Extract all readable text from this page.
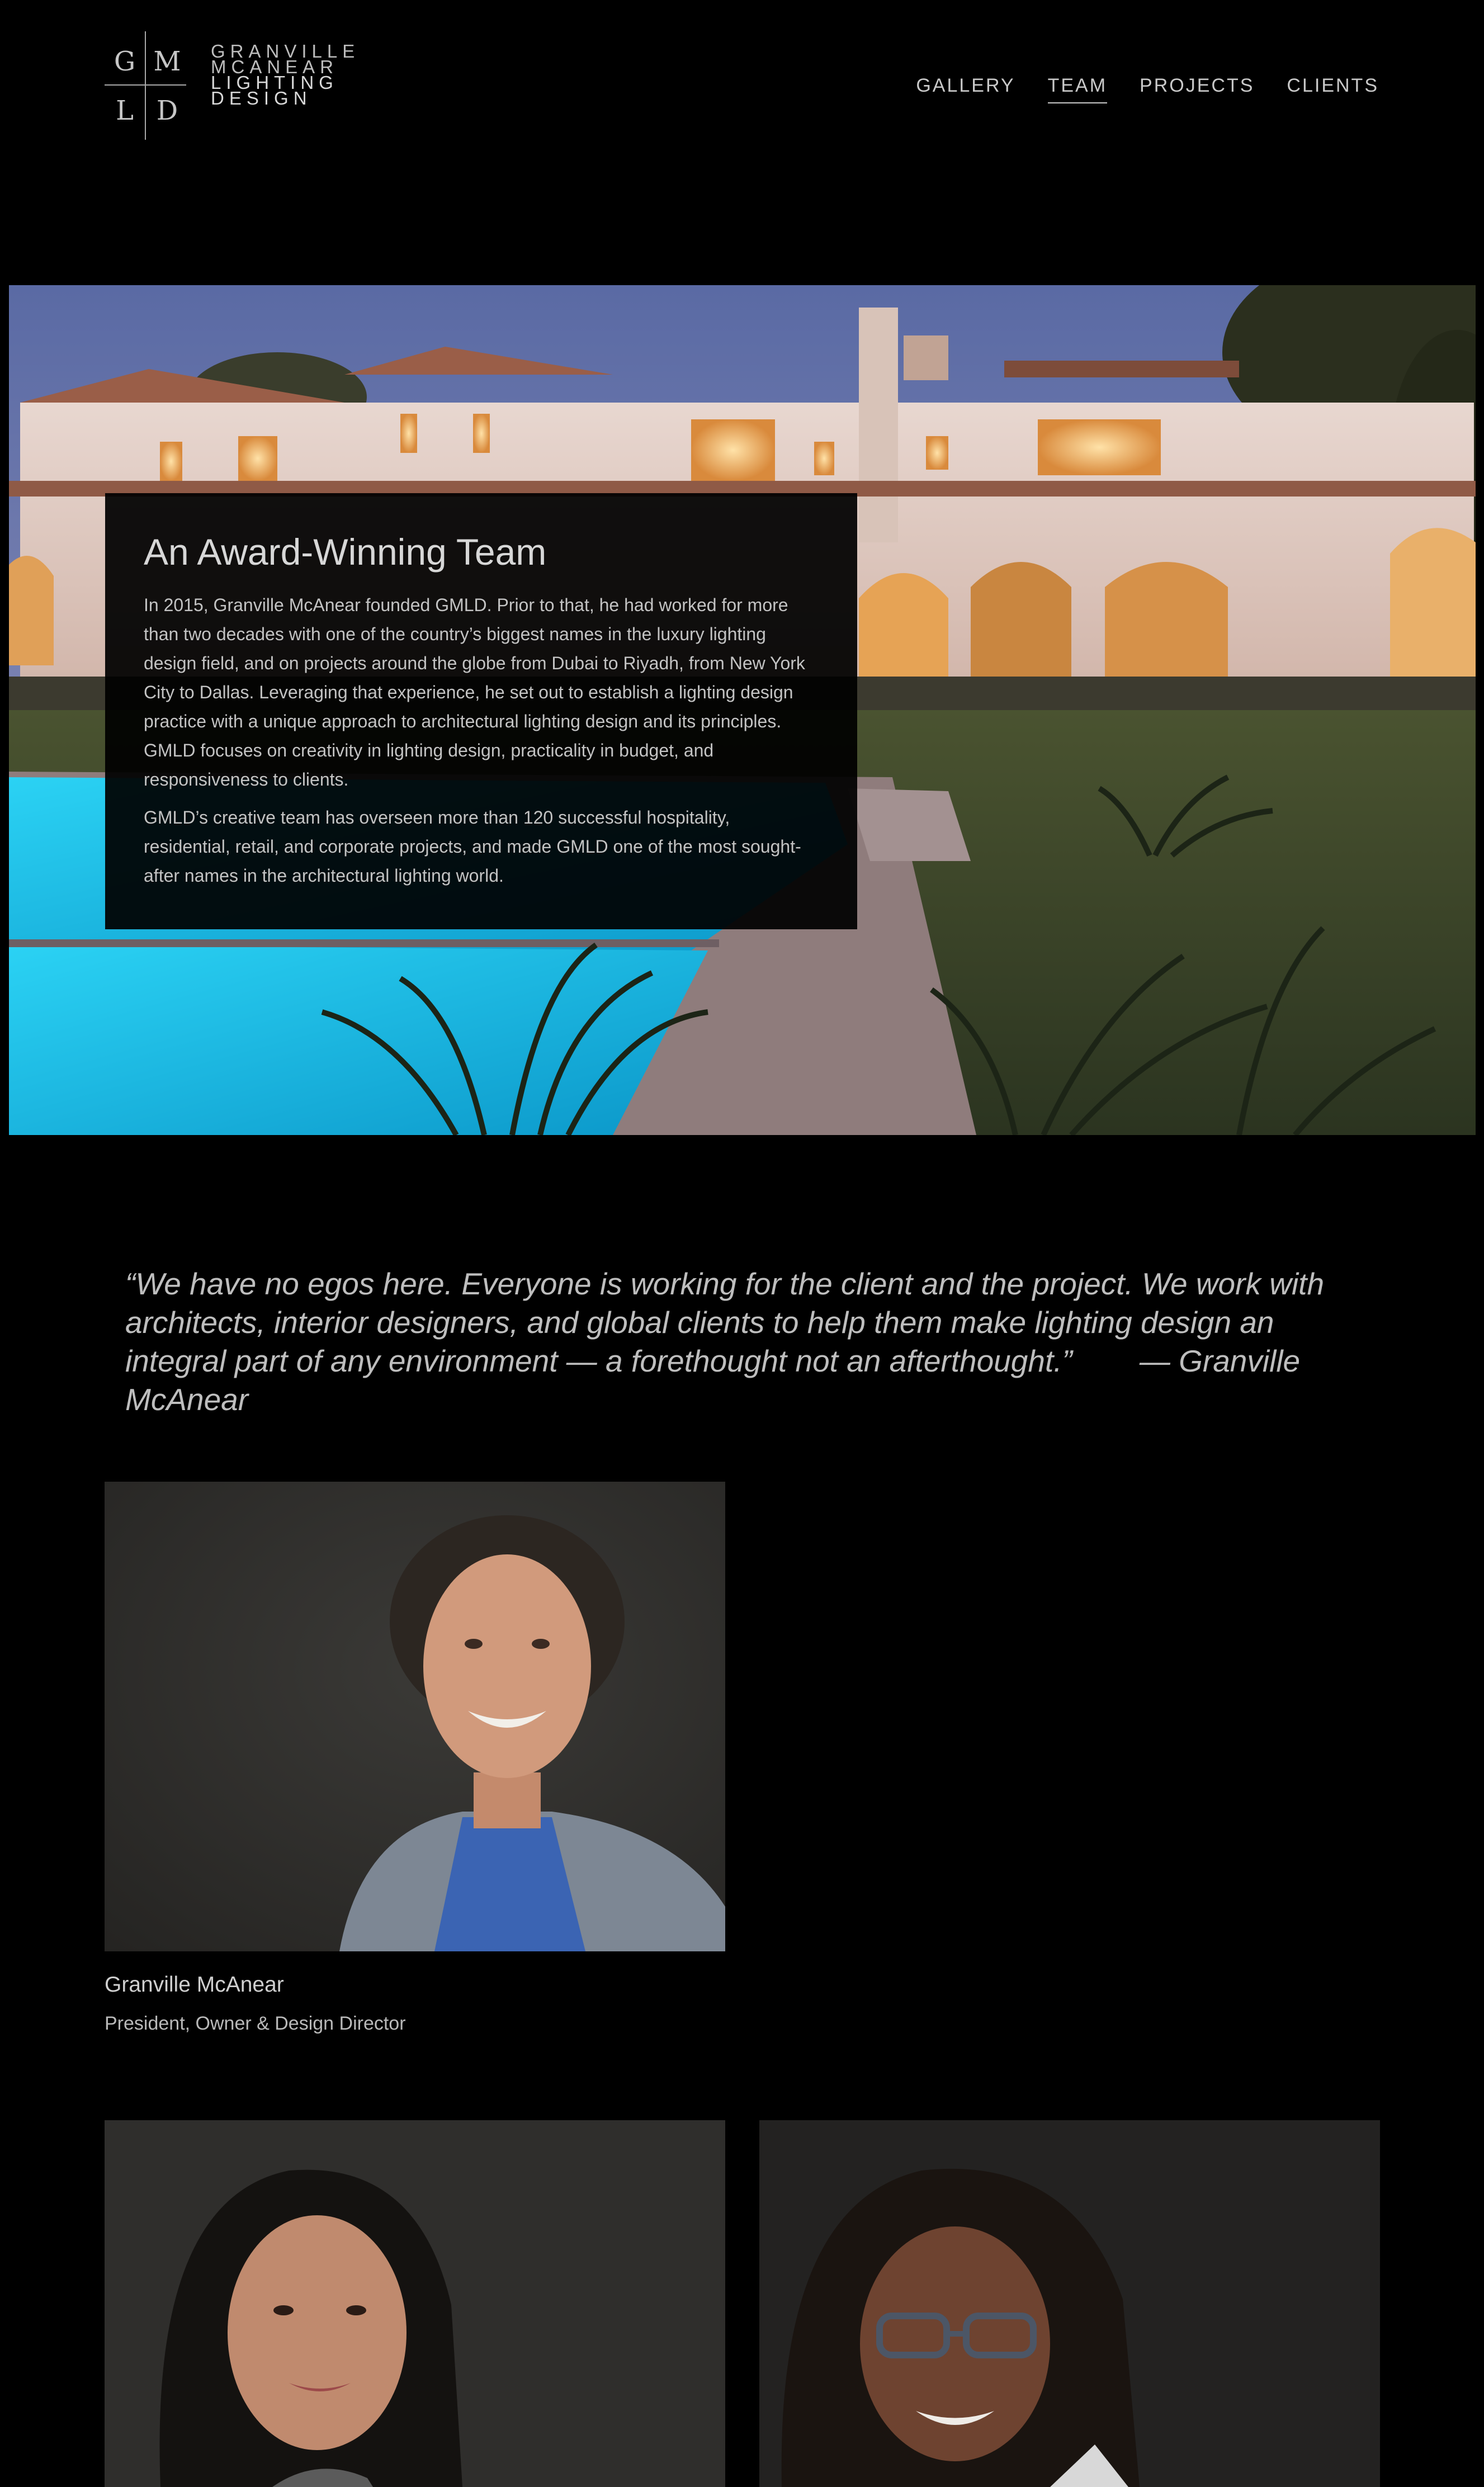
G M
L D
GRANVILLE
MCANEAR
LIGHTING
DESIGN
GALLERY TEAM PROJECTS CLIENTS
An Award-Winning Team

In 2015, Granville McAnear founded GMLD. Prior to that, he had worked for more than two decades with one of the country’s biggest names in the luxury lighting design field, and on projects around the globe from Dubai to Riyadh, from New York City to Dallas. Leveraging that experience, he set out to establish a lighting design practice with a unique approach to architectural lighting design and its principles. GMLD focuses on creativity in lighting design, practicality in budget, and responsiveness to clients.

GMLD’s creative team has overseen more than 120 successful hospitality, residential, retail, and corporate projects, and made GMLD one of the most sought-after names in the architectural lighting world.

“We have no egos here. Everyone is working for the client and the project. We work with architects, interior designers, and global clients to help them make lighting design an integral part of any environment — a forethought not an afterthought.” — Granville McAnear
Granville McAnear
President, Owner & Design Director
